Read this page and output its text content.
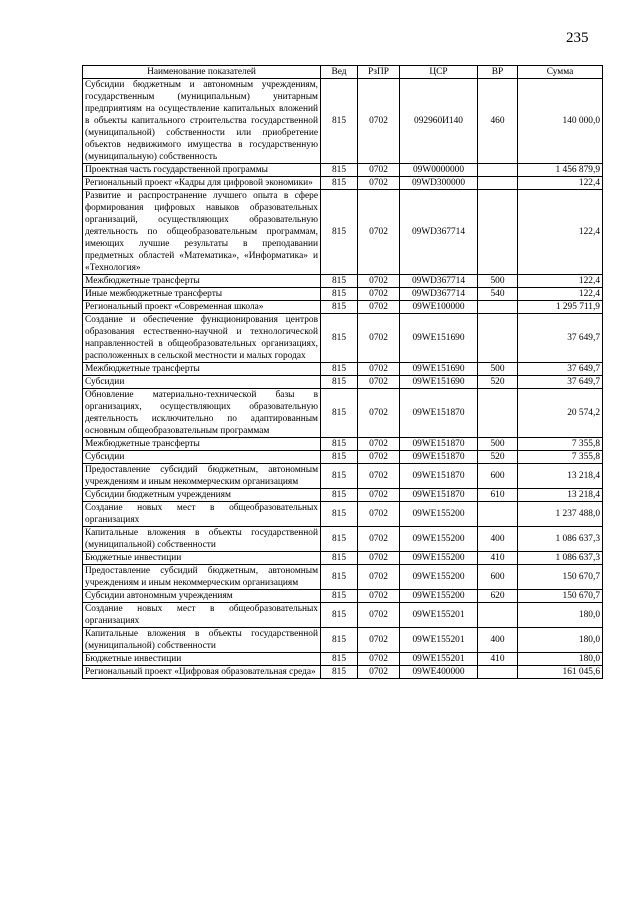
235
Наименование показателей	Вед	РзПР	ЦСР	ВР	Сумма
Субсидии бюджетным и автономным учреждениям, государственным (муниципальным) унитарным предприятиям на осуществление капитальных вложений в объекты капитального строительства государственной (муниципальной) собственности или приобретение объектов недвижимого имущества в государственную (муниципальную) собственность	815	0702	092960И140	460	140 000,0
Проектная часть государственной программы	815	0702	09W0000000		1 456 879,9
Региональный проект «Кадры для цифровой экономики»	815	0702	09WD300000		122,4
Развитие и распространение лучшего опыта в сфере формирования цифровых навыков образовательных организаций, осуществляющих образовательную деятельность по общеобразовательным программам, имеющих лучшие результаты в преподавании предметных областей «Математика», «Информатика» и «Технология»	815	0702	09WD367714		122,4
Межбюджетные трансферты	815	0702	09WD367714	500	122,4
Иные межбюджетные трансферты	815	0702	09WD367714	540	122,4
Региональный проект «Современная школа»	815	0702	09WE100000		1 295 711,9
Создание и обеспечение функционирования центров образования естественно-научной и технологической направленностей в общеобразовательных организациях, расположенных в сельской местности и малых городах	815	0702	09WE151690		37 649,7
Межбюджетные трансферты	815	0702	09WE151690	500	37 649,7
Субсидии	815	0702	09WE151690	520	37 649,7
Обновление материально-технической базы в организациях, осуществляющих образовательную деятельность исключительно по адаптированным основным общеобразовательным программам	815	0702	09WE151870		20 574,2
Межбюджетные трансферты	815	0702	09WE151870	500	7 355,8
Субсидии	815	0702	09WE151870	520	7 355,8
Предоставление субсидий бюджетным, автономным учреждениям и иным некоммерческим организациям	815	0702	09WE151870	600	13 218,4
Субсидии бюджетным учреждениям	815	0702	09WE151870	610	13 218,4
Создание новых мест в общеобразовательных организациях	815	0702	09WE155200		1 237 488,0
Капитальные вложения в объекты государственной (муниципальной) собственности	815	0702	09WE155200	400	1 086 637,3
Бюджетные инвестиции	815	0702	09WE155200	410	1 086 637,3
Предоставление субсидий бюджетным, автономным учреждениям и иным некоммерческим организациям	815	0702	09WE155200	600	150 670,7
Субсидии автономным учреждениям	815	0702	09WE155200	620	150 670,7
Создание новых мест в общеобразовательных организациях	815	0702	09WE155201		180,0
Капитальные вложения в объекты государственной (муниципальной) собственности	815	0702	09WE155201	400	180,0
Бюджетные инвестиции	815	0702	09WE155201	410	180,0
Региональный проект «Цифровая образовательная среда»	815	0702	09WE400000		161 045,6
